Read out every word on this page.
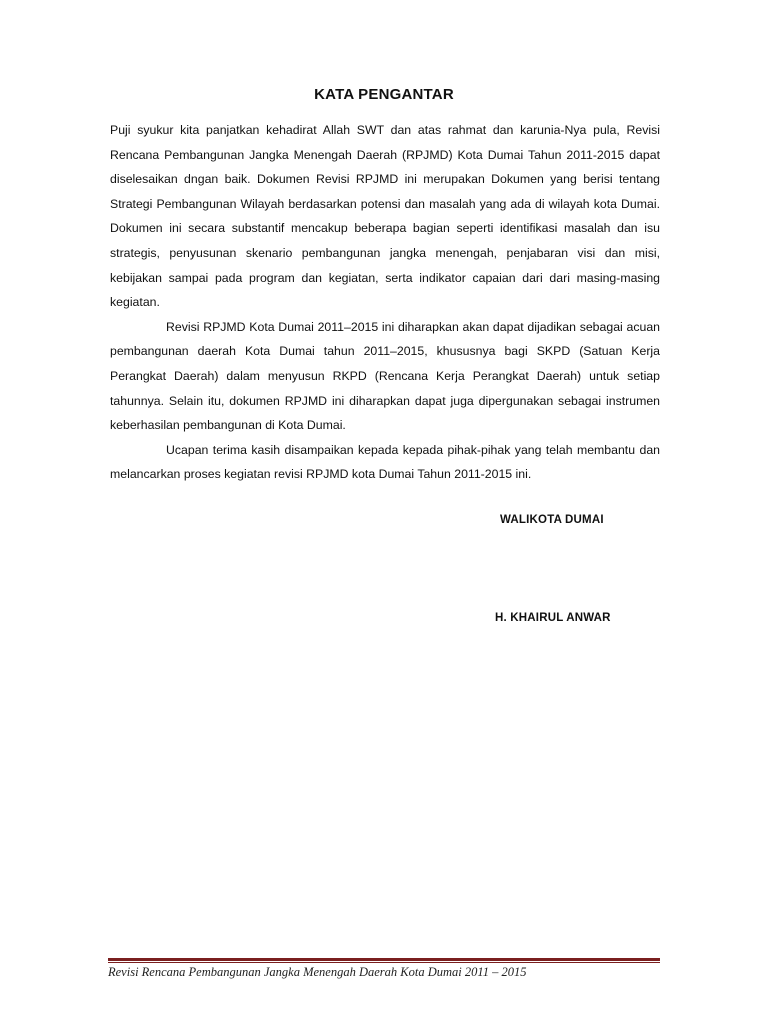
KATA PENGANTAR

Puji syukur kita panjatkan kehadirat Allah SWT dan atas rahmat dan karunia-Nya pula, Revisi Rencana Pembangunan Jangka Menengah Daerah (RPJMD) Kota Dumai Tahun 2011-2015 dapat diselesaikan dngan baik. Dokumen Revisi RPJMD ini merupakan Dokumen yang berisi tentang Strategi Pembangunan Wilayah berdasarkan potensi dan masalah yang ada di wilayah kota Dumai. Dokumen ini secara substantif mencakup beberapa bagian seperti identifikasi masalah dan isu strategis, penyusunan skenario pembangunan jangka menengah, penjabaran visi dan misi, kebijakan sampai pada program dan kegiatan, serta indikator capaian dari dari masing-masing kegiatan.

Revisi RPJMD Kota Dumai 2011–2015 ini diharapkan akan dapat dijadikan sebagai acuan pembangunan daerah Kota Dumai tahun 2011–2015, khususnya bagi SKPD (Satuan Kerja Perangkat Daerah) dalam menyusun RKPD (Rencana Kerja Perangkat Daerah) untuk setiap tahunnya. Selain itu, dokumen RPJMD ini diharapkan dapat juga dipergunakan sebagai instrumen keberhasilan pembangunan di Kota Dumai.

Ucapan terima kasih disampaikan kepada kepada pihak-pihak yang telah membantu dan melancarkan proses kegiatan revisi RPJMD kota Dumai Tahun 2011-2015 ini.

WALIKOTA DUMAI
H. KHAIRUL ANWAR
Revisi Rencana Pembangunan Jangka Menengah Daerah Kota Dumai 2011 – 2015
